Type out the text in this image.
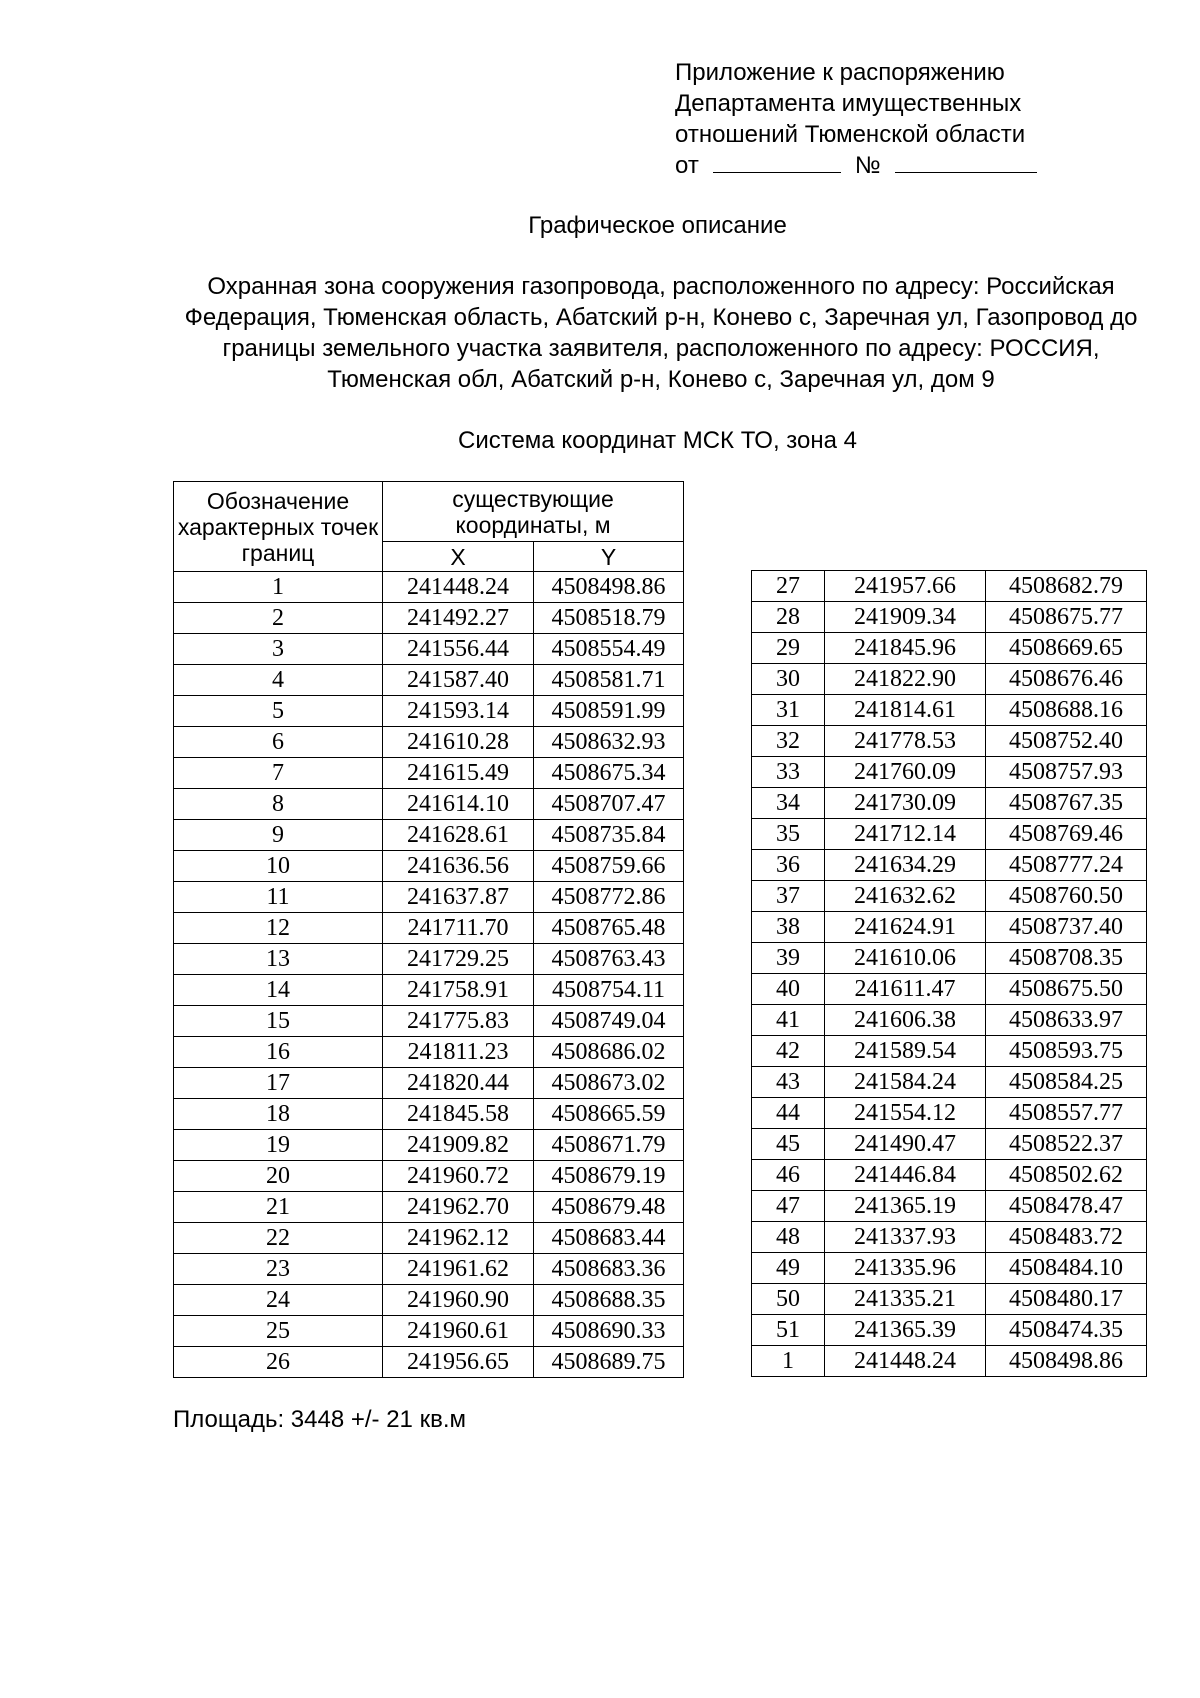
Приложение к распоряжению
Департамента имущественных
отношений Тюменской области
от	№
Графическое описание
Охранная зона сооружения газопровода, расположенного по адресу: Российская Федерация, Тюменская область, Абатский р-н, Конево с, Заречная ул, Газопровод до границы земельного участка заявителя, расположенного по адресу: РОССИЯ, Тюменская обл, Абатский р-н, Конево с, Заречная ул, дом 9
Система координат МСК ТО, зона 4
Обозначение характерных точек границ	существующие координаты, м	
	X	Y
1	241448.24	4508498.86
2	241492.27	4508518.79
3	241556.44	4508554.49
4	241587.40	4508581.71
5	241593.14	4508591.99
6	241610.28	4508632.93
7	241615.49	4508675.34
8	241614.10	4508707.47
9	241628.61	4508735.84
10	241636.56	4508759.66
11	241637.87	4508772.86
12	241711.70	4508765.48
13	241729.25	4508763.43
14	241758.91	4508754.11
15	241775.83	4508749.04
16	241811.23	4508686.02
17	241820.44	4508673.02
18	241845.58	4508665.59
19	241909.82	4508671.79
20	241960.72	4508679.19
21	241962.70	4508679.48
22	241962.12	4508683.44
23	241961.62	4508683.36
24	241960.90	4508688.35
25	241960.61	4508690.33
26	241956.65	4508689.75
27	241957.66	4508682.79
28	241909.34	4508675.77
29	241845.96	4508669.65
30	241822.90	4508676.46
31	241814.61	4508688.16
32	241778.53	4508752.40
33	241760.09	4508757.93
34	241730.09	4508767.35
35	241712.14	4508769.46
36	241634.29	4508777.24
37	241632.62	4508760.50
38	241624.91	4508737.40
39	241610.06	4508708.35
40	241611.47	4508675.50
41	241606.38	4508633.97
42	241589.54	4508593.75
43	241584.24	4508584.25
44	241554.12	4508557.77
45	241490.47	4508522.37
46	241446.84	4508502.62
47	241365.19	4508478.47
48	241337.93	4508483.72
49	241335.96	4508484.10
50	241335.21	4508480.17
51	241365.39	4508474.35
1	241448.24	4508498.86
Площадь: 3448 +/- 21 кв.м
